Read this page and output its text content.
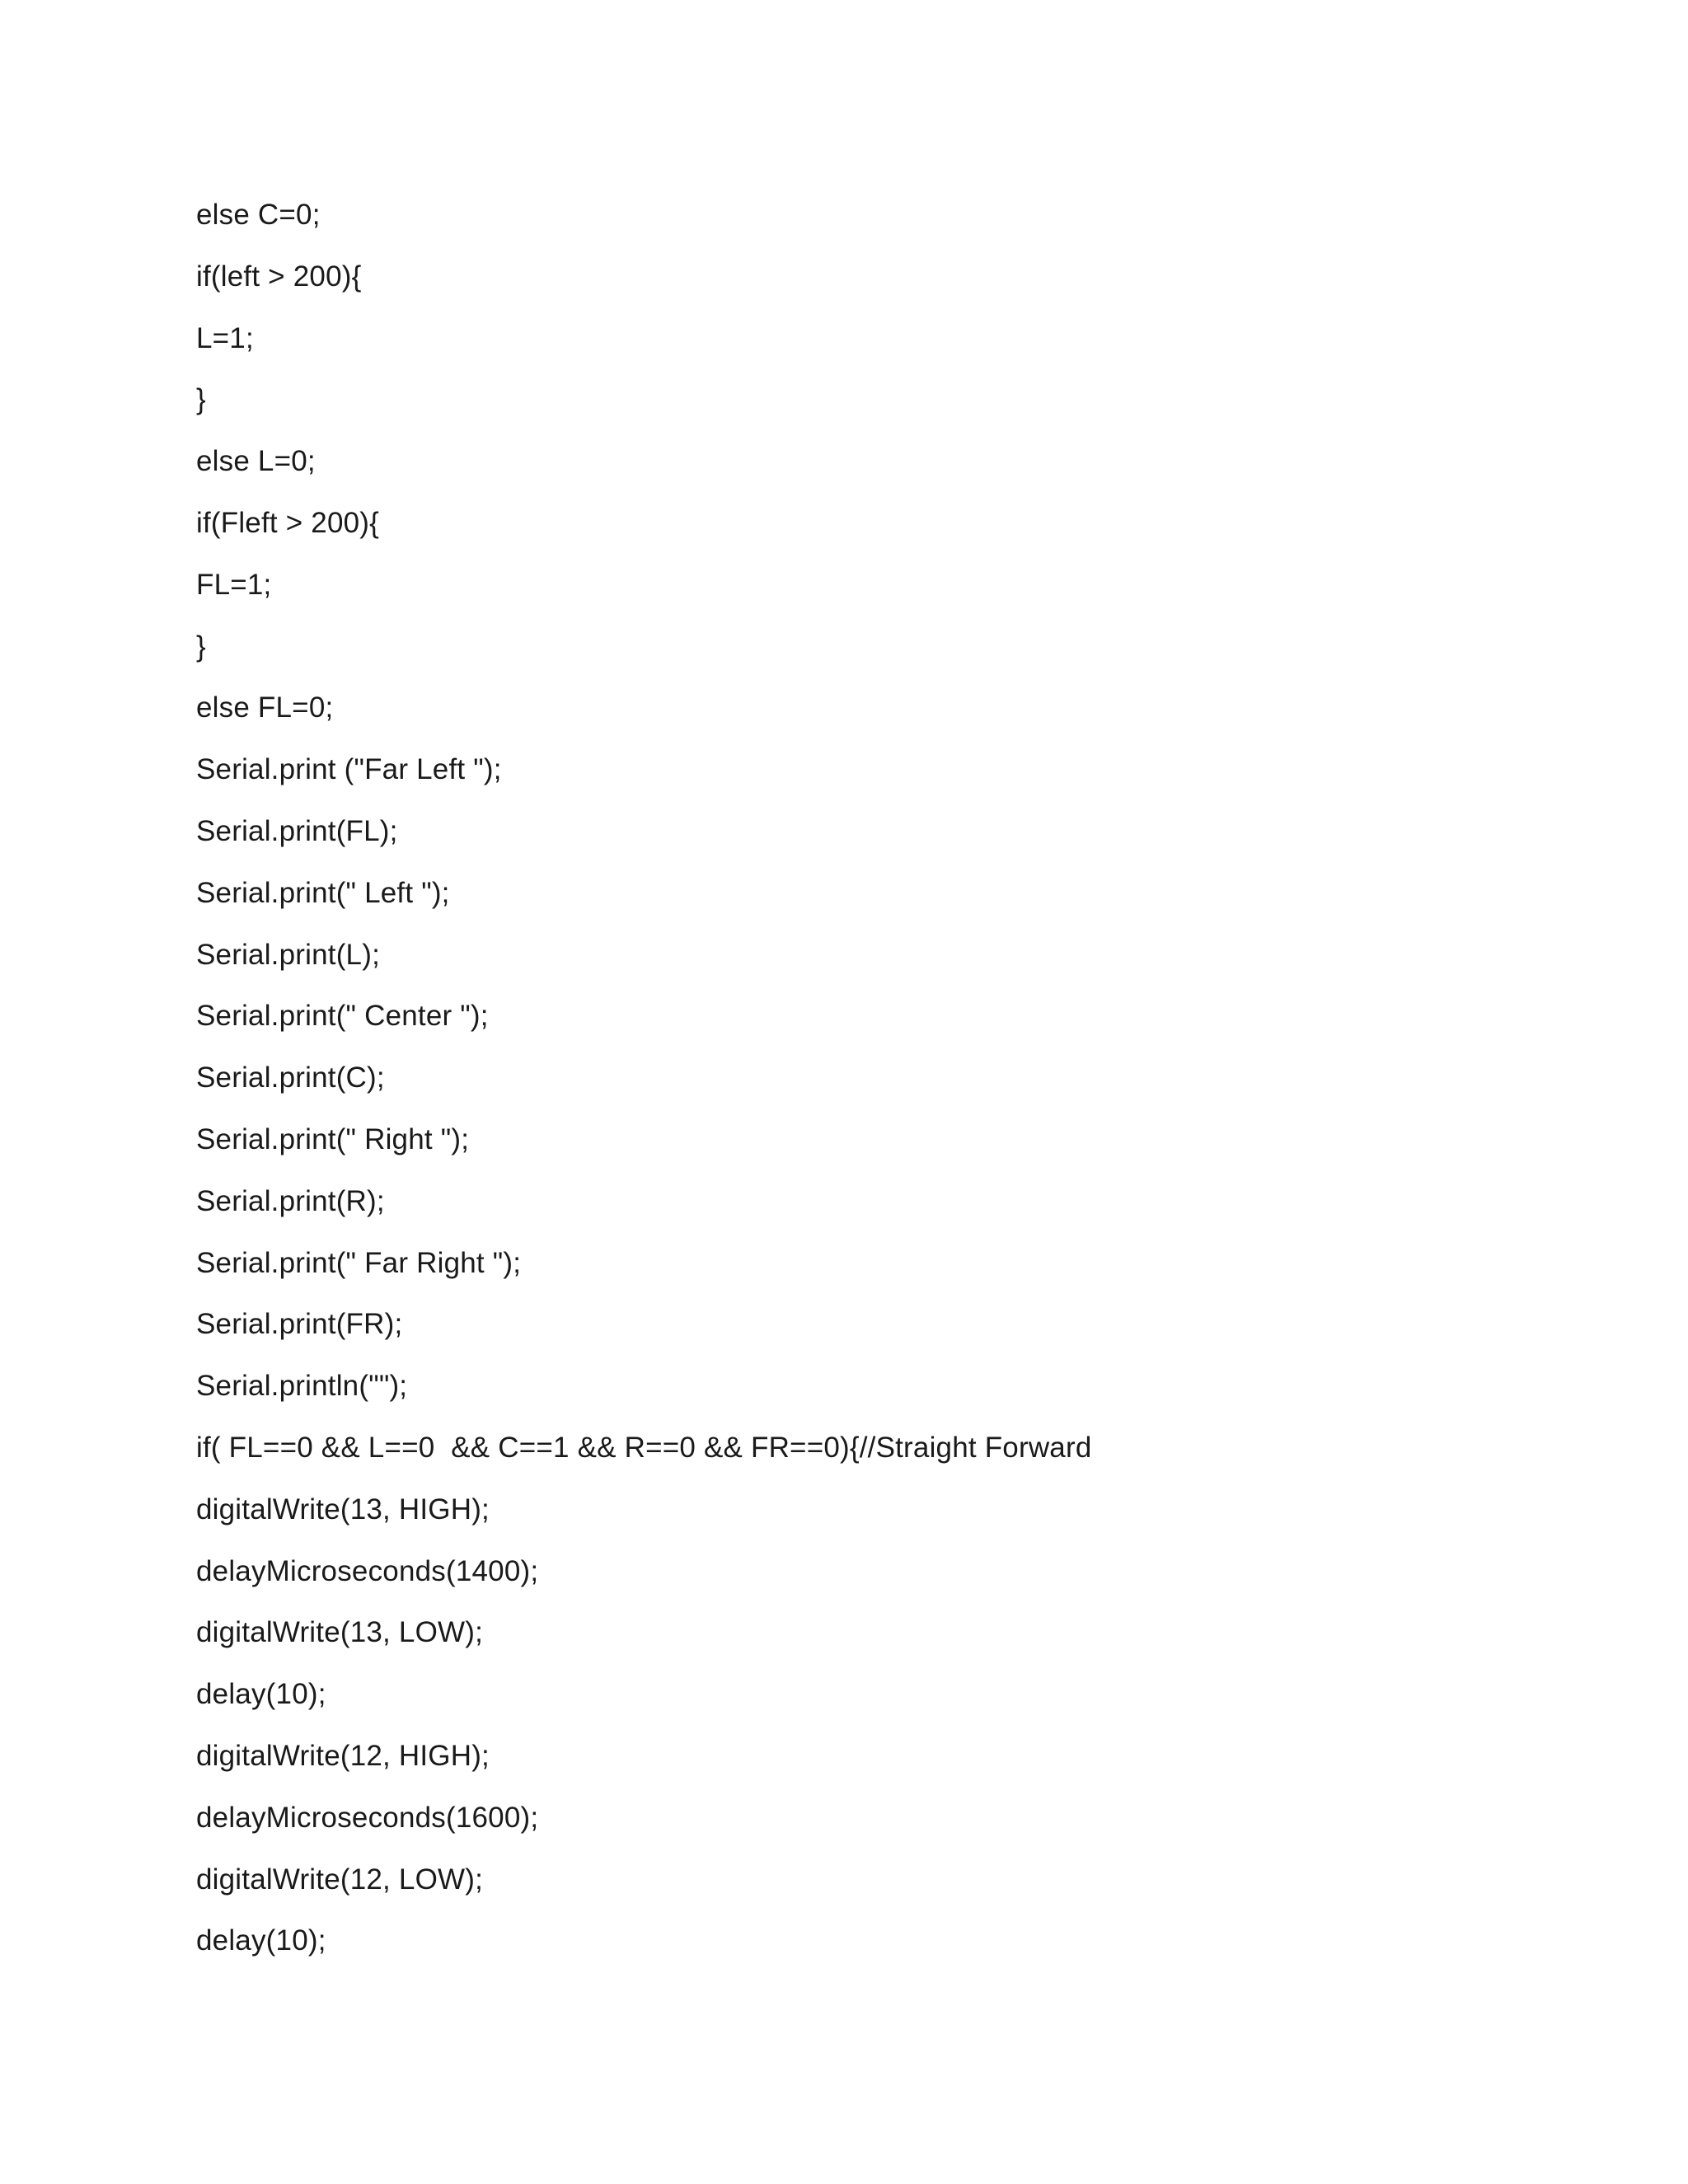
else C=0;
if(left > 200){
L=1;
}
else L=0;
if(Fleft > 200){
FL=1;
}
else FL=0;
Serial.print ("Far Left ");
Serial.print(FL);
Serial.print(" Left ");
Serial.print(L);
Serial.print(" Center ");
Serial.print(C);
Serial.print(" Right ");
Serial.print(R);
Serial.print(" Far Right ");
Serial.print(FR);
Serial.println("");
if( FL==0 && L==0  && C==1 && R==0 && FR==0){//Straight Forward
digitalWrite(13, HIGH);
delayMicroseconds(1400);
digitalWrite(13, LOW);
delay(10);
digitalWrite(12, HIGH);
delayMicroseconds(1600);
digitalWrite(12, LOW);
delay(10);
